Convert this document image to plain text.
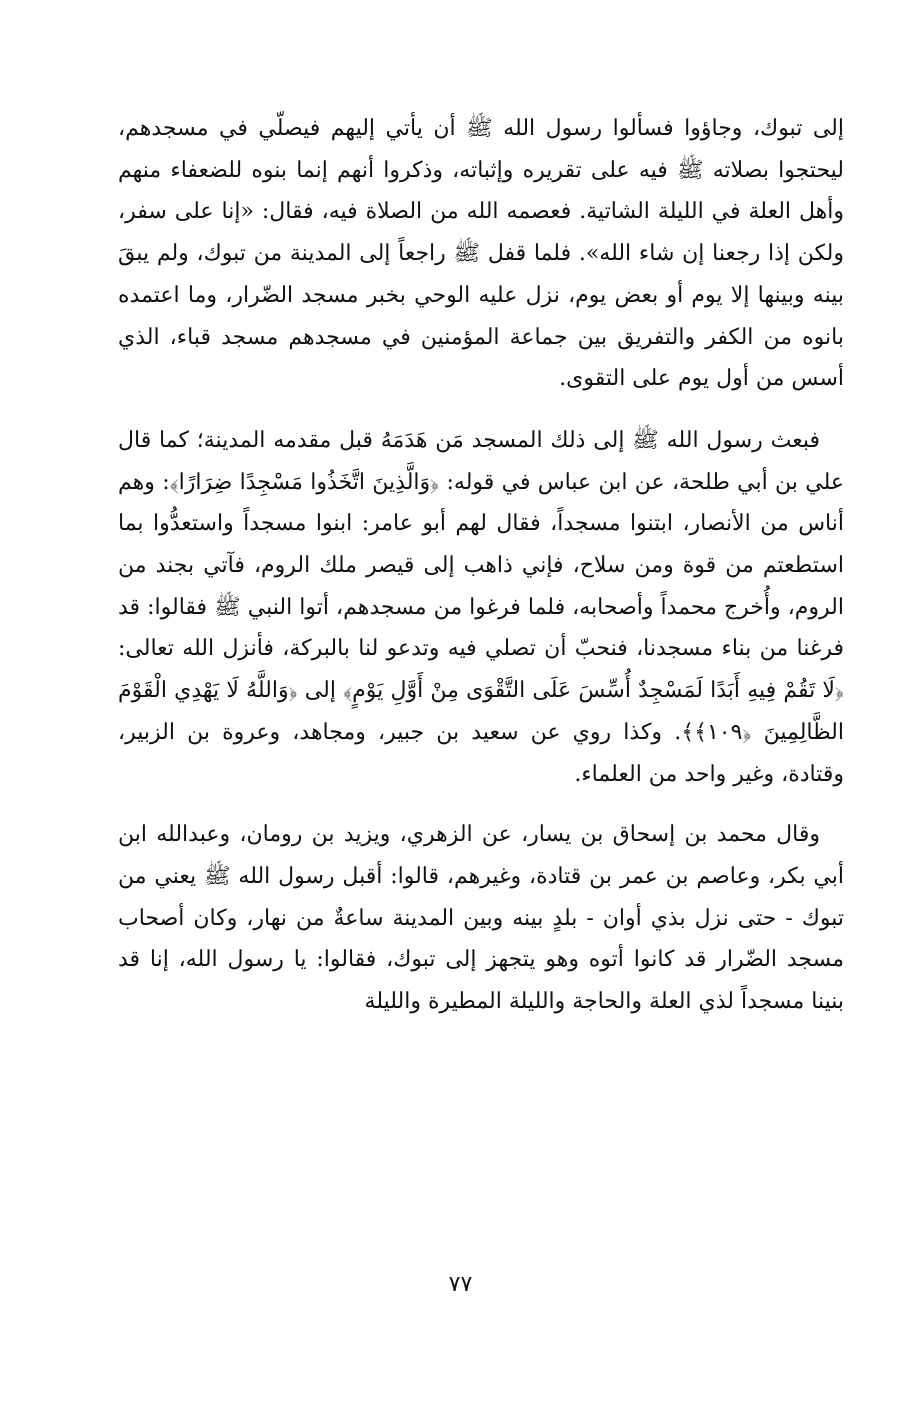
إلى تبوك، وجاؤوا فسألوا رسول الله ﷺ أن يأتي إليهم فيصلّي في مسجدهم، ليحتجوا بصلاته ﷺ فيه على تقريره وإثباته، وذكروا أنهم إنما بنوه للضعفاء منهم وأهل العلة في الليلة الشاتية. فعصمه الله من الصلاة فيه، فقال: «إنا على سفر، ولكن إذا رجعنا إن شاء الله». فلما قفل ﷺ راجعاً إلى المدينة من تبوك، ولم يبقَ بينه وبينها إلا يوم أو بعض يوم، نزل عليه الوحي بخبر مسجد الضّرار، وما اعتمده بانوه من الكفر والتفريق بين جماعة المؤمنين في مسجدهم مسجد قباء، الذي أسس من أول يوم على التقوى.

فبعث رسول الله ﷺ إلى ذلك المسجد مَن هَدَمَهُ قبل مقدمه المدينة؛ كما قال علي بن أبي طلحة، عن ابن عباس في قوله: ﴿وَالَّذِينَ اتَّخَذُوا مَسْجِدًا ضِرَارًا﴾: وهم أناس من الأنصار، ابتنوا مسجداً، فقال لهم أبو عامر: ابنوا مسجداً واستعدُّوا بما استطعتم من قوة ومن سلاح، فإني ذاهب إلى قيصر ملك الروم، فآتي بجند من الروم، وأُخرج محمداً وأصحابه، فلما فرغوا من مسجدهم، أتوا النبي ﷺ فقالوا: قد فرغنا من بناء مسجدنا، فنحبّ أن تصلي فيه وتدعو لنا بالبركة، فأنزل الله تعالى: ﴿لَا تَقُمْ فِيهِ أَبَدًا لَمَسْجِدٌ أُسِّسَ عَلَى التَّقْوَى مِنْ أَوَّلِ يَوْمٍ﴾ إلى ﴿وَاللَّهُ لَا يَهْدِي الْقَوْمَ الظَّالِمِينَ ﴿١٠٩﴾﴾. وكذا روي عن سعيد بن جبير، ومجاهد، وعروة بن الزبير، وقتادة، وغير واحد من العلماء.

وقال محمد بن إسحاق بن يسار، عن الزهري، ويزيد بن رومان، وعبدالله ابن أبي بكر، وعاصم بن عمر بن قتادة، وغيرهم، قالوا: أقبل رسول الله ﷺ يعني من تبوك - حتى نزل بذي أوان - بلدٍ بينه وبين المدينة ساعةٌ من نهار، وكان أصحاب مسجد الضّرار قد كانوا أتوه وهو يتجهز إلى تبوك، فقالوا: يا رسول الله، إنا قد بنينا مسجداً لذي العلة والحاجة والليلة المطيرة والليلة

٧٧
